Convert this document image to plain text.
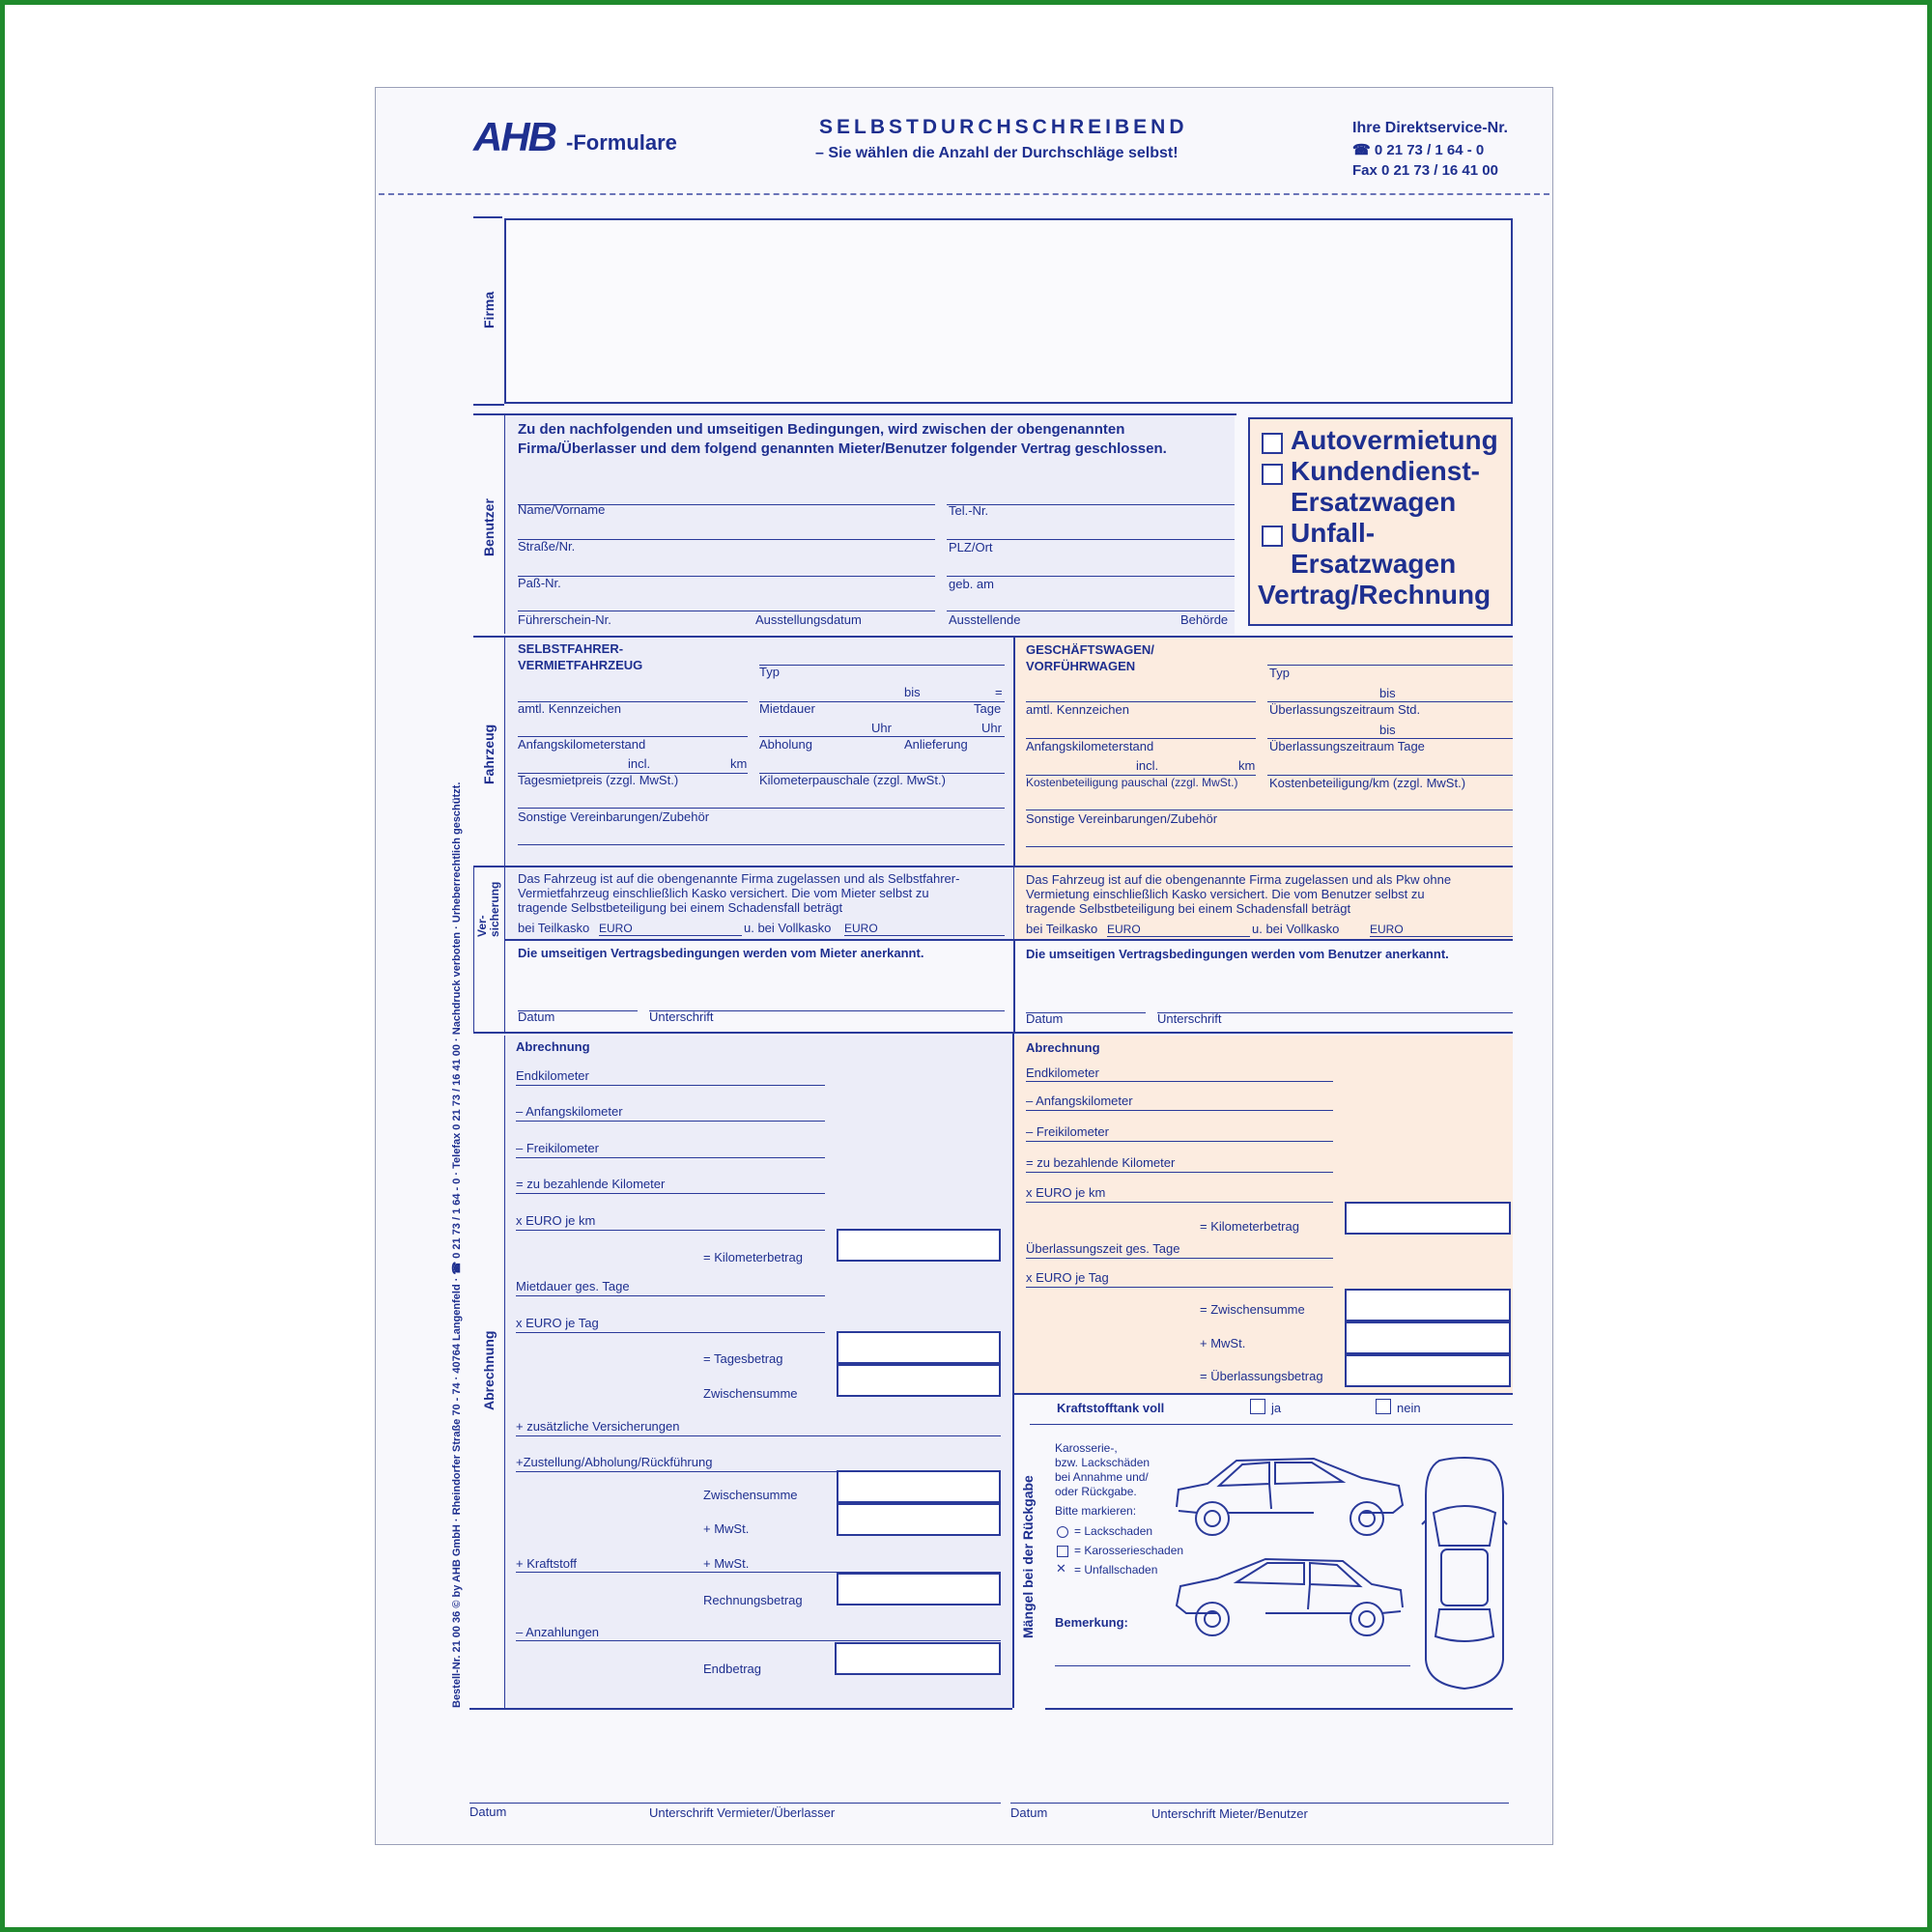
AHB -Formulare
SELBSTDURCHSCHREIBEND
– Sie wählen die Anzahl der Durchschläge selbst!
Ihre Direktservice-Nr.
☎ 0 21 73 / 1 64 - 0
Fax 0 21 73 / 16 41 00
Firma
Benutzer
Zu den nachfolgenden und umseitigen Bedingungen, wird zwischen der obengenannten
Firma/Überlasser und dem folgend genannten Mieter/Benutzer folgender Vertrag geschlossen.
Name/Vorname	Tel.-Nr.
Straße/Nr.	PLZ/Ort
Paß-Nr.	geb. am
Führerschein-Nr.	Ausstellungsdatum	Ausstellende	Behörde
Autovermietung
Kundendienst-
Ersatzwagen
Unfall-
Ersatzwagen
Vertrag/Rechnung
Fahrzeug
SELBSTFAHRER-
VERMIETFAHRZEUG	Typ
bis	=
amtl. Kennzeichen	Mietdauer	Tage
Uhr	Uhr
Anfangskilometerstand	Abholung	Anlieferung
incl.	km
Tagesmietpreis (zzgl. MwSt.)	Kilometerpauschale (zzgl. MwSt.)
Sonstige Vereinbarungen/Zubehör
GESCHÄFTSWAGEN/
VORFÜHRWAGEN	Typ
bis
amtl. Kennzeichen	Überlassungszeitraum Std.
bis
Anfangskilometerstand	Überlassungszeitraum Tage
incl.	km
Kostenbeteiligung pauschal (zzgl. MwSt.)	Kostenbeteiligung/km (zzgl. MwSt.)
Sonstige Vereinbarungen/Zubehör
Ver-
sicherung
Das Fahrzeug ist auf die obengenannte Firma zugelassen und als Selbstfahrer-
Vermietfahrzeug einschließlich Kasko versichert. Die vom Mieter selbst zu
tragende Selbstbeteiligung bei einem Schadensfall beträgt
bei Teilkasko EURO	u. bei Vollkasko EURO
Das Fahrzeug ist auf die obengenannte Firma zugelassen und als Pkw ohne
Vermietung einschließlich Kasko versichert. Die vom Benutzer selbst zu
tragende Selbstbeteiligung bei einem Schadensfall beträgt
bei Teilkasko EURO	u. bei Vollkasko	EURO
Die umseitigen Vertragsbedingungen werden vom Mieter anerkannt.	Die umseitigen Vertragsbedingungen werden vom Benutzer anerkannt.
Datum	Unterschrift	Datum	Unterschrift
Abrechnung
Bestell-Nr. 21 00 36 © by AHB GmbH · Rheindorfer Straße 70 - 74 · 40764 Langenfeld · ☎ 0 21 73 / 1 64 - 0 · Telefax 0 21 73 / 16 41 00 · Nachdruck verboten · Urheberrechtlich geschützt.	Abrechnung
Endkilometer
– Anfangskilometer
– Freikilometer
= zu bezahlende Kilometer
x EURO je km
= Kilometerbetrag
Mietdauer ges. Tage
x EURO je Tag
= Tagesbetrag
Zwischensumme
+ zusätzliche Versicherungen
+Zustellung/Abholung/Rückführung
Zwischensumme
+ MwSt.
+ Kraftstoff	+ MwSt.
Rechnungsbetrag
– Anzahlungen
Endbetrag
Abrechnung
Endkilometer
– Anfangskilometer
– Freikilometer
= zu bezahlende Kilometer
x EURO je km
= Kilometerbetrag
Überlassungszeit ges. Tage
x EURO je Tag
= Zwischensumme
+ MwSt.
= Überlassungsbetrag
Kraftstofftank voll	ja	nein
Mängel bei der Rückgabe
Karosserie-,
bzw. Lackschäden
bei Annahme und/
oder Rückgabe.
Bitte markieren:
= Lackschaden
= Karosserieschaden
✕ = Unfallschaden
Bemerkung:
Datum	Unterschrift Vermieter/Überlasser	Datum	Unterschrift Mieter/Benutzer
